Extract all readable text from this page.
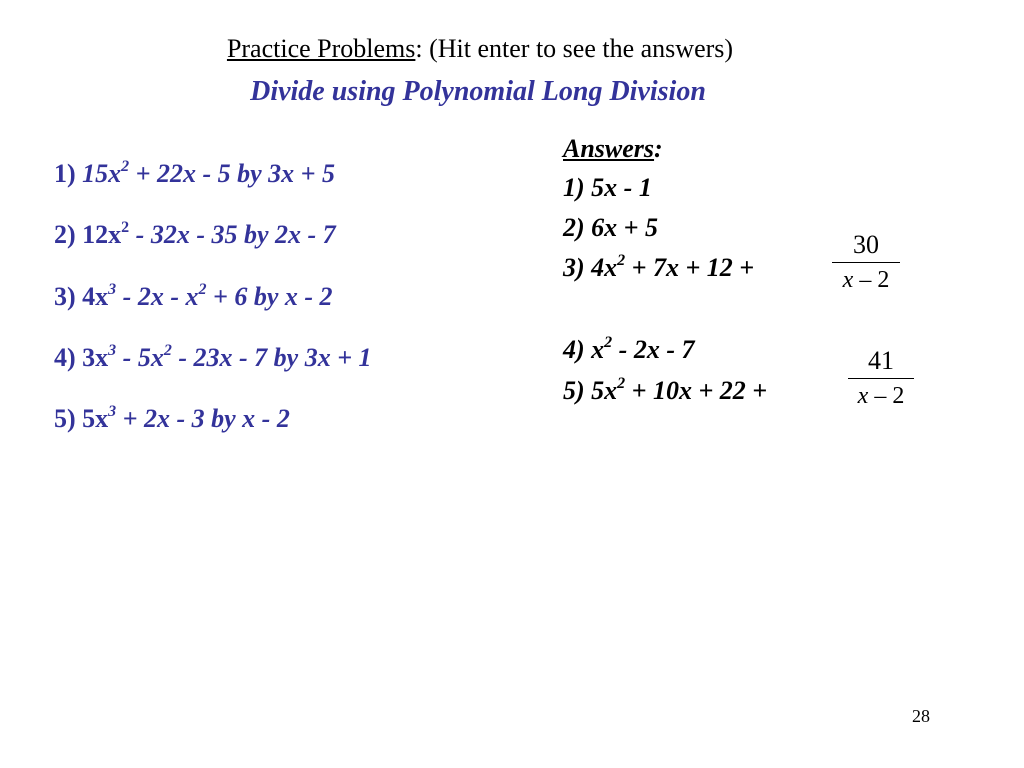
Practice Problems: (Hit enter to see the answers)
Divide using Polynomial Long Division
1) $15x^2 + 22x - 5$ by 3x + 5
2) $12x^2 - 32x - 35$ by 2x - 7
3) $4x^3 - 2x - x^2 + 6$ by x - 2
4) $3x^3 - 5x^2 - 23x - 7$ by 3x + 1
5) $5x^3 + 2x - 3$ by x - 2
Answers:
1) 5x - 1
2) 6x + 5
3) $4x^2 + 7x + 12$ +
30
x – 2
4) $x^2 - 2x - 7$
5) $5x^2 + 10x + 22$ +
41
x – 2
28
